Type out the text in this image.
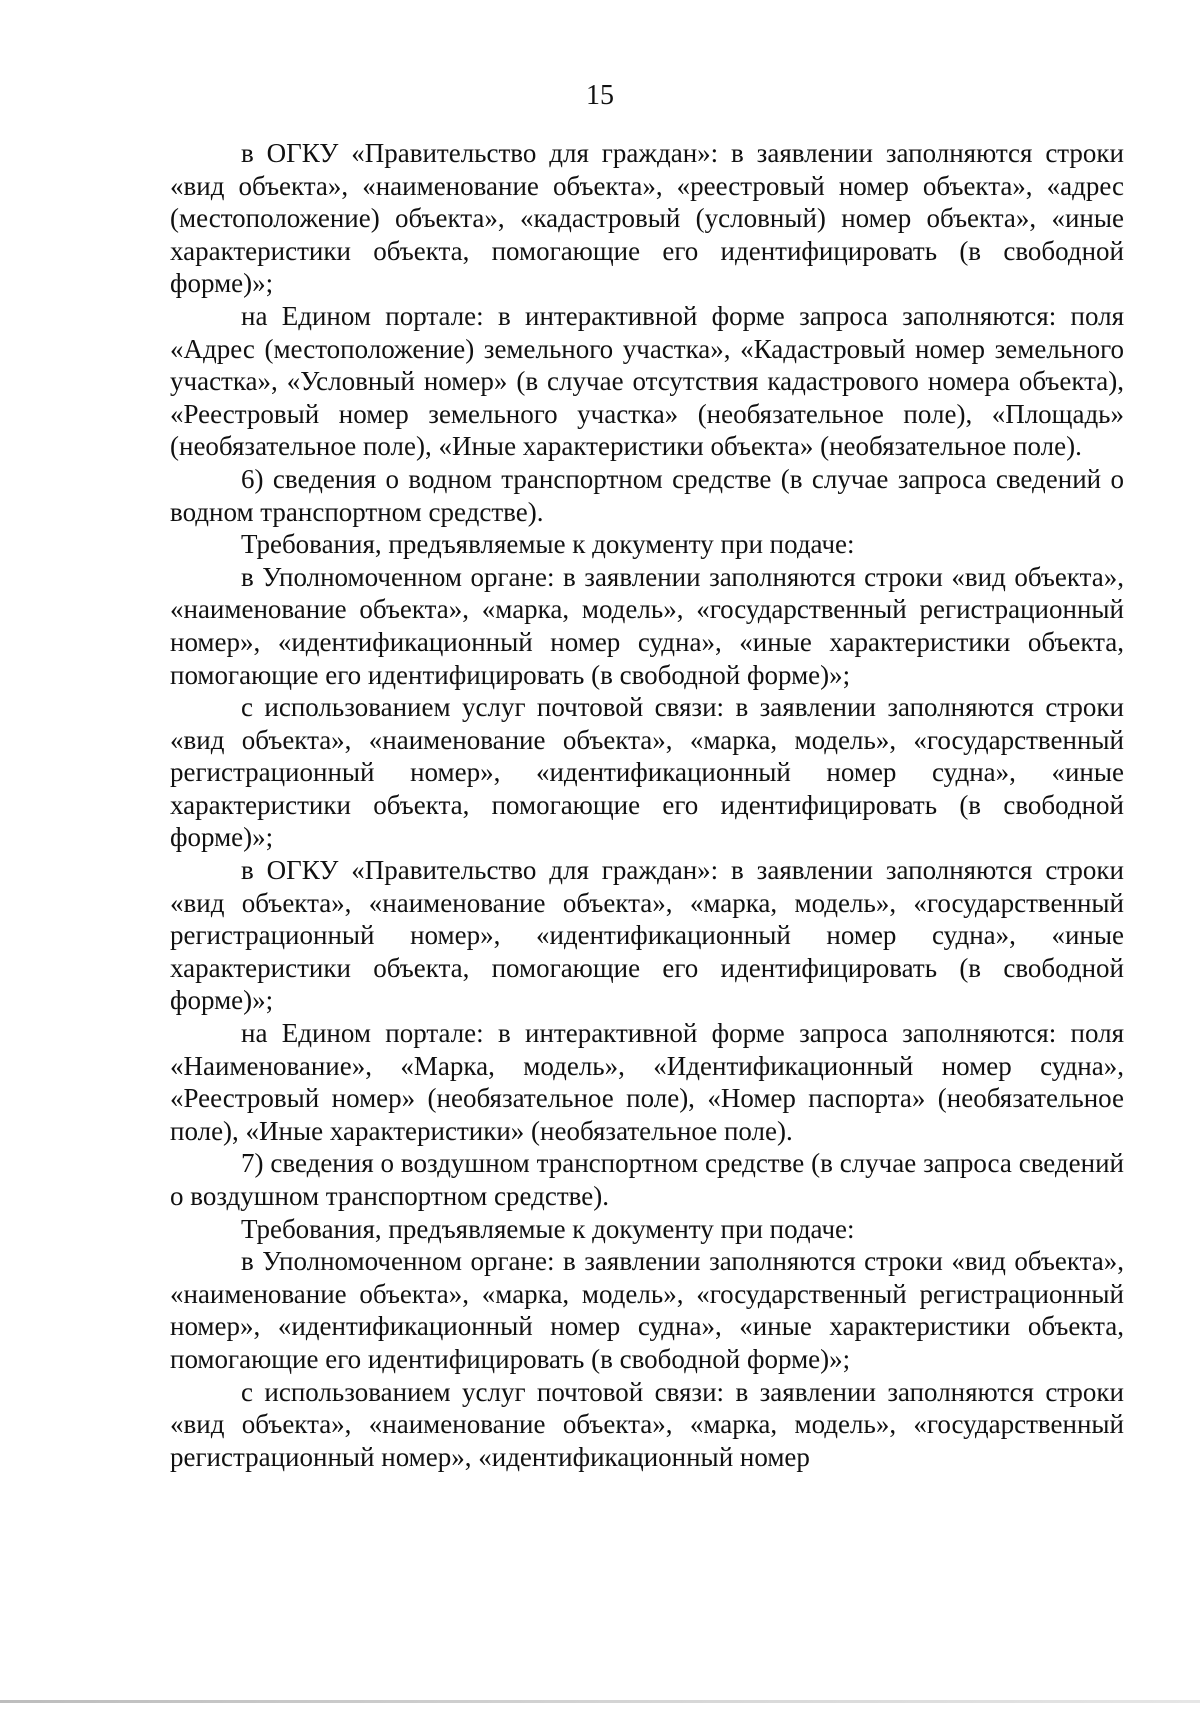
15

в ОГКУ «Правительство для граждан»: в заявлении заполняются строки «вид объекта», «наименование объекта», «реестровый номер объекта», «адрес (местоположение) объекта», «кадастровый (условный) номер объекта», «иные характеристики объекта, помогающие его идентифицировать (в свободной форме)»;

на Едином портале: в интерактивной форме запроса заполняются: поля «Адрес (местоположение) земельного участка», «Кадастровый номер земельного участка», «Условный номер» (в случае отсутствия кадастрового номера объекта), «Реестровый номер земельного участка» (необязательное поле), «Площадь» (необязательное поле), «Иные характеристики объекта» (необязательное поле).

6) сведения о водном транспортном средстве (в случае запроса сведений о водном транспортном средстве).

Требования, предъявляемые к документу при подаче:

в Уполномоченном органе: в заявлении заполняются строки «вид объекта», «наименование объекта», «марка, модель», «государственный регистрационный номер», «идентификационный номер судна», «иные характеристики объекта, помогающие его идентифицировать (в свободной форме)»;

с использованием услуг почтовой связи: в заявлении заполняются строки «вид объекта», «наименование объекта», «марка, модель», «государственный регистрационный номер», «идентификационный номер судна», «иные характеристики объекта, помогающие его идентифицировать (в свободной форме)»;

в ОГКУ «Правительство для граждан»: в заявлении заполняются строки «вид объекта», «наименование объекта», «марка, модель», «государственный регистрационный номер», «идентификационный номер судна», «иные характеристики объекта, помогающие его идентифицировать (в свободной форме)»;

на Едином портале: в интерактивной форме запроса заполняются: поля «Наименование», «Марка, модель», «Идентификационный номер судна», «Реестровый номер» (необязательное поле), «Номер паспорта» (необязательное поле), «Иные характеристики» (необязательное поле).

7) сведения о воздушном транспортном средстве (в случае запроса сведений о воздушном транспортном средстве).

Требования, предъявляемые к документу при подаче:

в Уполномоченном органе: в заявлении заполняются строки «вид объекта», «наименование объекта», «марка, модель», «государственный регистрационный номер», «идентификационный номер судна», «иные характеристики объекта, помогающие его идентифицировать (в свободной форме)»;

с использованием услуг почтовой связи: в заявлении заполняются строки «вид объекта», «наименование объекта», «марка, модель», «государственный регистрационный номер», «идентификационный номер
